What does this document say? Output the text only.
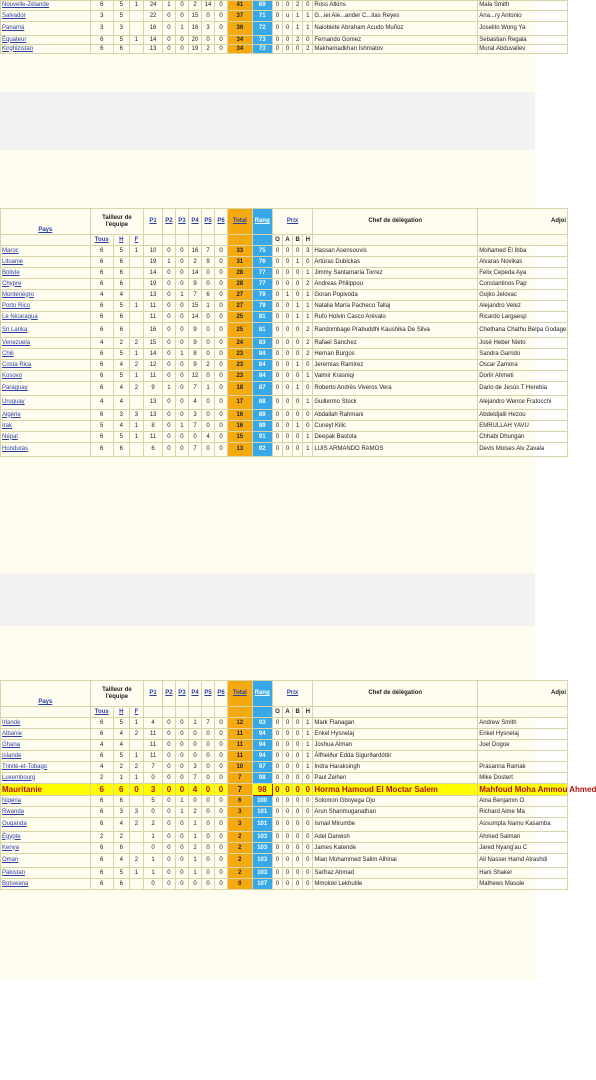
Nouvelle-Zélande	6	5	1	24	1	0	2	14	0	41	69	0	0	2	0	Ross Atkins	Mala Smith
Salvador	3	5		22	0	0	15	0	0	37	71	0	u	1	1	G...iel Ale...ander C...itas Reyes	Ana...ry Antonio
Panamá	3	3		16	0	1	16	3	0	36	72	0	0	1	1	Naiobiete Abraham Acudo Muñoz	Joselito Wong Ya
Équateur	6	5	1	14	0	0	20	0	0	34	73	0	0	2	0	Fernando Gomez	Sebastian Regala
Kirghizistan	6	6		13	0	0	19	2	0	34	73	0	0	0	2	Makhamadkhan Ishmatov	Murat Abduvaliev
Pays	Tailleur de l'équipe			P1	P2	P3	P4	P5	P6	Total	Rang	Prix				Chef de délégation	Adjoi
	Tous	H	F									O	A	B	H		
Maroc	6	5	1	10	0	0	16	7	0	33	75	0	0	0	3	Hassan Asensouvis	Mohamed El Ibba
Lituanie	6	6		19	1	0	2	9	0	31	76	0	0	1	0	Artūras Dubickas	Alvaras Novikas
Bolivie	6	6		14	0	0	14	0	0	28	77	0	0	0	1	Jimmy Santamaría Torrez	Felix Cepeda Aya
Chypre	6	6		19	0	0	9	0	0	28	77	0	0	0	2	Andreas Philippou	Constantinos Pap
Monténégro	4	4		13	0	1	7	6	0	27	79	0	1	0	1	Goran Popivoda	Gojko Jelovac
Porto Rico	6	5	1	11	0	0	15	1	0	27	79	0	0	1	1	Natalia María Pacheco Tallaj	Alejandro Velez
Le Nicaragua	6	6		11	0	0	14	0	0	25	81	0	0	1	1	Rufo Holvin Casco Arévalo	Ricardo Largaesp
Sri Lanka	6	6		16	0	0	9	0	0	25	81	0	0	0	2	Randombage Prabuddhi Kaushika De Silva	Chethana Chathu Belpa Godage
Venezuela	4	2	2	15	0	0	9	0	0	24	83	0	0	0	2	Rafael Sanchez	José Heber Nieto
Chili	6	5	1	14	0	1	8	0	0	23	84	0	0	0	2	Hernan Burgos	Sandra Garrido
Costa Rica	6	4	2	12	0	0	9	2	0	23	84	0	0	1	0	Jeremías Ramírez	Oscar Zamora
Kosovo	6	5	1	11	0	0	12	0	0	23	84	0	0	0	1	Valmir Krasniqi	Dorlir Ahmeti
Paraguay	6	4	2	9	1	0	7	1	0	18	87	0	0	1	0	Roberto Andrés Viveros Vera	Dario de Jesús T Herebia
Uruguay	4	4		13	0	0	4	0	0	17	88	0	0	0	1	Guillermo Stock	Alejandro Wence Fratocchi
Algérie	6	3	3	13	0	0	3	0	0	16	89	0	0	0	0	Abdallah Rahmani	Abdeldjalil Hezou
Irak	5	4	1	8	0	1	7	0	0	16	89	0	0	1	0	Cuneyt Kilic	EMRULLAH YAVU
Népal	6	5	1	11	0	0	0	4	0	15	91	0	0	0	1	Deepak Bastola	Chhabi Dhungan
Honduras	6	6		6	0	0	7	0	0	13	92	0	0	0	1	LUIS ARMANDO RAMOS	Devis Moises Alv Zavala
Pays	Tailleur de l'équipe			P1	P2	P3	P4	P5	P6	Total	Rang	Prix				Chef de délégation	Adjoi
	Tous	H	F									O	A	B	H		
Irlande	6	5	1	4	0	0	1	7	0	12	93	0	0	0	1	Mark Flanagan	Andrew Smith
Albanie	6	4	2	11	0	0	0	0	0	11	94	0	0	0	1	Enkel Hysnelaj	Enkel Hysnelaj
Ghana	4	4		11	0	0	0	0	0	11	94	0	0	0	1	Joshua Alman	Joel Dogoe
Islande	6	5	1	11	0	0	0	0	0	11	94	0	0	0	1	Álfheiður Edda Sigurðardóttir	
Trinité-et-Tobago	4	2	2	7	0	0	3	0	0	10	97	0	0	0	1	Indra Haraksingh	Prasanna Ramak
Luxembourg	2	1	1	0	0	0	7	0	0	7	98	0	0	0	0	Paul Zeihen	Mike Dostert
Mauritanie	6	6	0	3	0	0	4	0	0	7	98	0	0	0	0	Horma Hamoud El Moctar Salem	Mahfoud Moha Ammou Ahmed
Nigéria	6	6		5	0	1	0	0	0	6	100	0	0	0	0	Solomon Gboyega Ojo	Aina Benjamin O
Rwanda	6	3	3	0	0	1	2	0	0	3	101	0	0	0	0	Arun Shanmuganathan	Richard Aime Ma
Ouganda	6	4	2	2	0	0	1	0	0	3	101	0	0	0	0	Ismail Mirumbe	Assumpta Namu Kasamba
Égypte	2	2		1	0	0	1	0	0	2	103	0	0	0	0	Adel Darwish	Ahmed Salman
Kenya	6	6		0	0	0	2	0	0	2	103	0	0	0	0	James Katende	Jared Nyang'au C
Oman	6	4	2	1	0	0	1	0	0	2	103	0	0	0	0	Mian Mohammed Salim Alhinai	Ali Nasser Hamd Alrashdi
Pakistan	6	5	1	1	0	0	1	0	0	2	103	0	0	0	0	Sarfraz Ahmad	Hani Shaker
Botswana	6	6		0	0	0	0	0	0	0	107	0	0	0	0	Mmoloki Lekhutile	Mathews Masole
